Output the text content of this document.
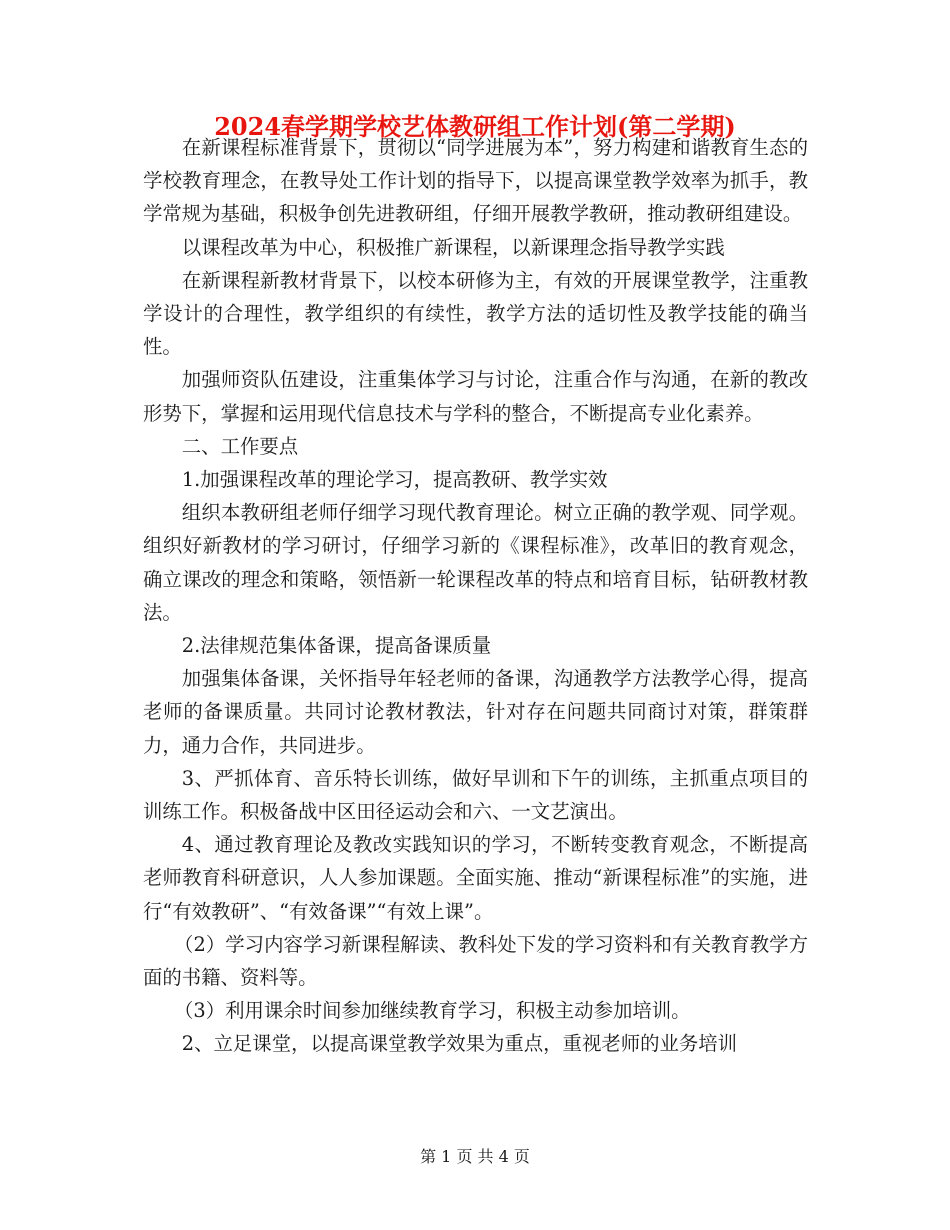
2024春学期学校艺体教研组工作计划(第二学期)

在新课程标准背景下，贯彻以“同学进展为本”，努力构建和谐教育生态的学校教育理念，在教导处工作计划的指导下，以提高课堂教学效率为抓手，教学常规为基础，积极争创先进教研组，仔细开展教学教研，推动教研组建设。

以课程改革为中心，积极推广新课程，以新课理念指导教学实践

在新课程新教材背景下，以校本研修为主，有效的开展课堂教学，注重教学设计的合理性，教学组织的有续性，教学方法的适切性及教学技能的确当性。

加强师资队伍建设，注重集体学习与讨论，注重合作与沟通，在新的教改形势下，掌握和运用现代信息技术与学科的整合，不断提高专业化素养。

二、工作要点

1.加强课程改革的理论学习，提高教研、教学实效

组织本教研组老师仔细学习现代教育理论。树立正确的教学观、同学观。组织好新教材的学习研讨，仔细学习新的《课程标准》，改革旧的教育观念，确立课改的理念和策略，领悟新一轮课程改革的特点和培育目标，钻研教材教法。

2.法律规范集体备课，提高备课质量

加强集体备课，关怀指导年轻老师的备课，沟通教学方法教学心得，提高老师的备课质量。共同讨论教材教法，针对存在问题共同商讨对策，群策群力，通力合作，共同进步。

3、严抓体育、音乐特长训练，做好早训和下午的训练，主抓重点项目的训练工作。积极备战中区田径运动会和六、一文艺演出。

4、通过教育理论及教改实践知识的学习，不断转变教育观念，不断提高老师教育科研意识，人人参加课题。全面实施、推动“新课程标准”的实施，进行“有效教研”、“有效备课”“有效上课”。

（2）学习内容学习新课程解读、教科处下发的学习资料和有关教育教学方面的书籍、资料等。

（3）利用课余时间参加继续教育学习，积极主动参加培训。

2、立足课堂，以提高课堂教学效果为重点，重视老师的业务培训

第 1 页 共 4 页
